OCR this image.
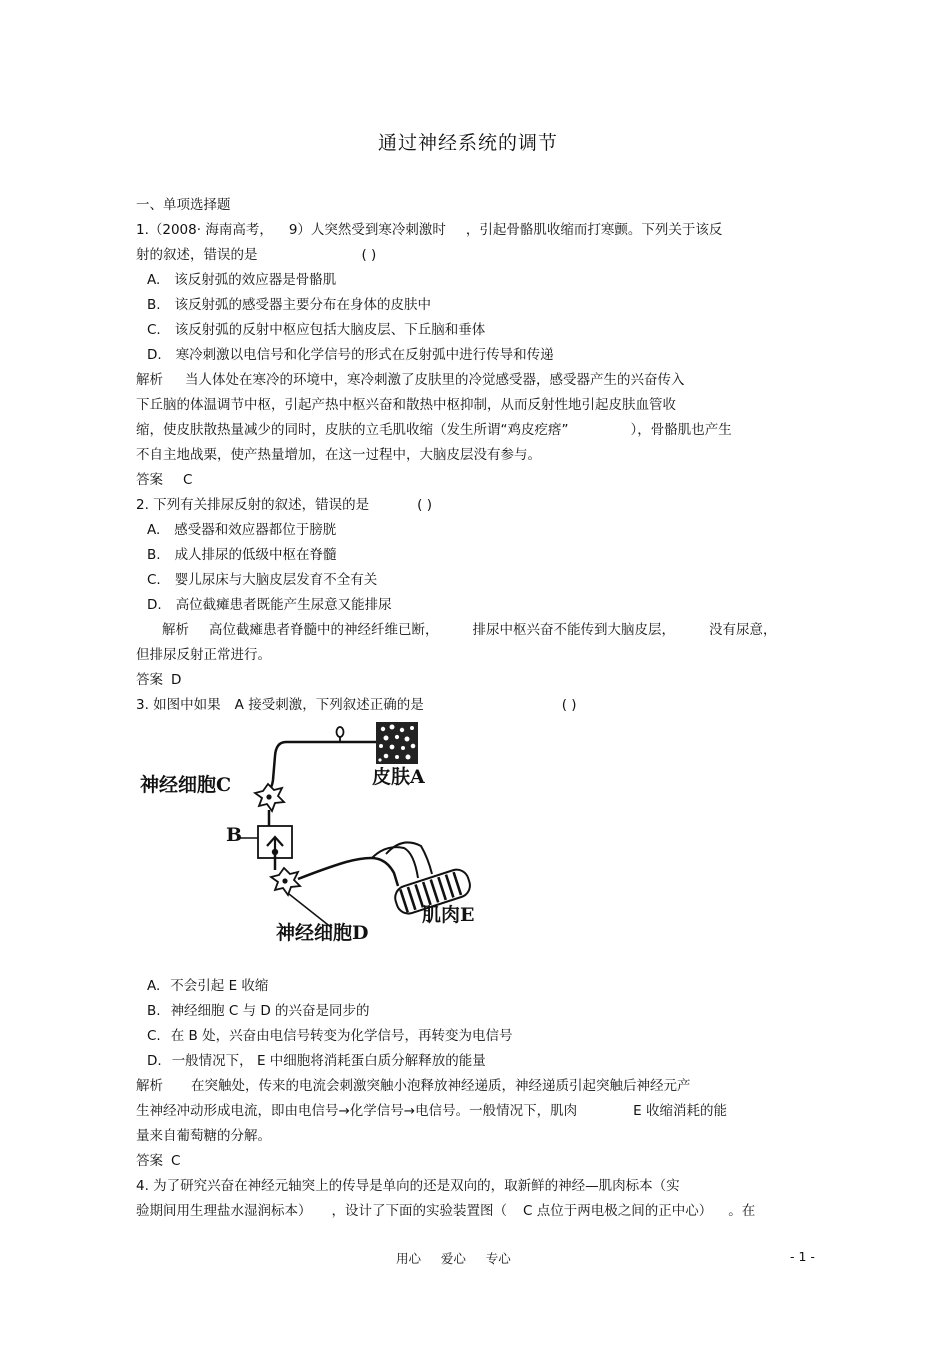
通过神经系统的调节
一、单项选择题
1.（2008· 海南高考， 9）人突然受到寒冷刺激时 ，引起骨骼肌收缩而打寒颤。下列关于该反
射的叙述，错误的是	( )
A. 该反射弧的效应器是骨骼肌
B. 该反射弧的感受器主要分布在身体的皮肤中
C. 该反射弧的反射中枢应包括大脑皮层、下丘脑和垂体
D. 寒冷刺激以电信号和化学信号的形式在反射弧中进行传导和传递
解析 当人体处在寒冷的环境中，寒冷刺激了皮肤里的冷觉感受器，感受器产生的兴奋传入
下丘脑的体温调节中枢，引起产热中枢兴奋和散热中枢抑制，从而反射性地引起皮肤血管收
缩，使皮肤散热量减少的同时，皮肤的立毛肌收缩（发生所谓“鸡皮疙瘩”	），骨骼肌也产生
不自主地战栗，使产热量增加，在这一过程中，大脑皮层没有参与。
答案 C
2. 下列有关排尿反射的叙述，错误的是	( )
A. 感受器和效应器都位于膀胱
B. 成人排尿的低级中枢在脊髓
C. 婴儿尿床与大脑皮层发育不全有关
D. 高位截瘫患者既能产生尿意又能排尿
解析 高位截瘫患者脊髓中的神经纤维已断，	排尿中枢兴奋不能传到大脑皮层，	没有尿意，
但排尿反射正常进行。
答案 D
3. 如图中如果 A 接受刺激，下列叙述正确的是	( )
神经细胞C	皮肤A
B
神经细胞D
肌肉E
A. 不会引起 E 收缩
B. 神经细胞 C 与 D 的兴奋是同步的
C. 在 B 处，兴奋由电信号转变为化学信号，再转变为电信号
D. 一般情况下， E 中细胞将消耗蛋白质分解释放的能量
解析 在突触处，传来的电流会刺激突触小泡释放神经递质，神经递质引起突触后神经元产
生神经冲动形成电流，即由电信号→化学信号→电信号。一般情况下，肌肉	E 收缩消耗的能
量来自葡萄糖的分解。
答案 C
4. 为了研究兴奋在神经元轴突上的传导是单向的还是双向的，取新鲜的神经—肌肉标本（实
验期间用生理盐水湿润标本） ，设计了下面的实验装置图（ C 点位于两电极之间的正中心） 。在
用心     爱心     专心	- 1 -
